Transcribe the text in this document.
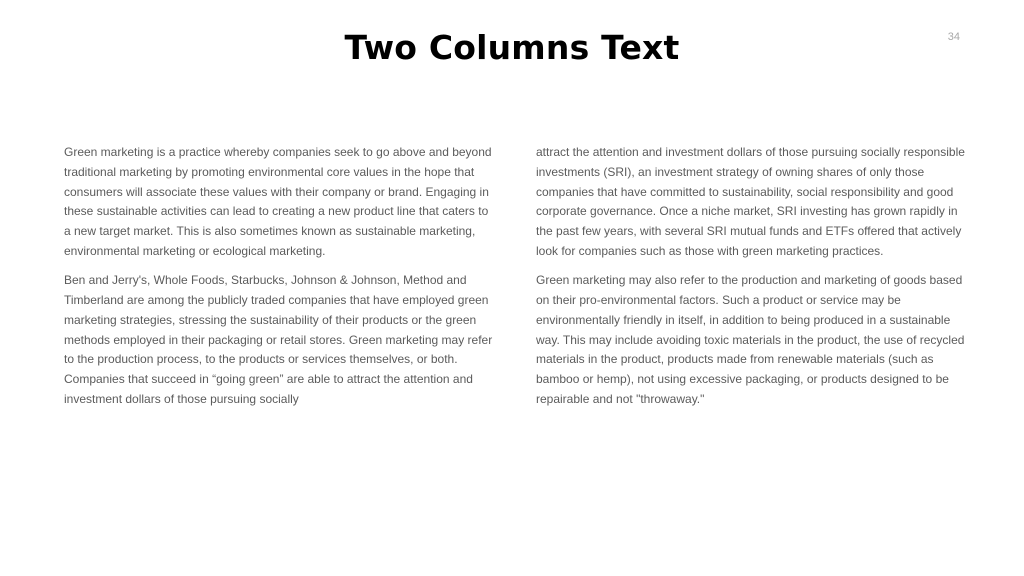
Two Columns Text	34

Green marketing is a practice whereby companies seek to go above and beyond traditional marketing by promoting environmental core values in the hope that consumers will associate these values with their company or brand. Engaging in these sustainable activities can lead to creating a new product line that caters to a new target market. This is also sometimes known as sustainable marketing, environmental marketing or ecological marketing.

Ben and Jerry's, Whole Foods, Starbucks, Johnson & Johnson, Method and Timberland are among the publicly traded companies that have employed green marketing strategies, stressing the sustainability of their products or the green methods employed in their packaging or retail stores. Green marketing may refer to the production process, to the products or services themselves, or both. Companies that succeed in “going green” are able to attract the attention and investment dollars of those pursuing socially

attract the attention and investment dollars of those pursuing socially responsible investments (SRI), an investment strategy of owning shares of only those companies that have committed to sustainability, social responsibility and good corporate governance. Once a niche market, SRI investing has grown rapidly in the past few years, with several SRI mutual funds and ETFs offered that actively look for companies such as those with green marketing practices.

Green marketing may also refer to the production and marketing of goods based on their pro-environmental factors. Such a product or service may be environmentally friendly in itself, in addition to being produced in a sustainable way. This may include avoiding toxic materials in the product, the use of recycled materials in the product, products made from renewable materials (such as bamboo or hemp), not using excessive packaging, or products designed to be repairable and not "throwaway."
